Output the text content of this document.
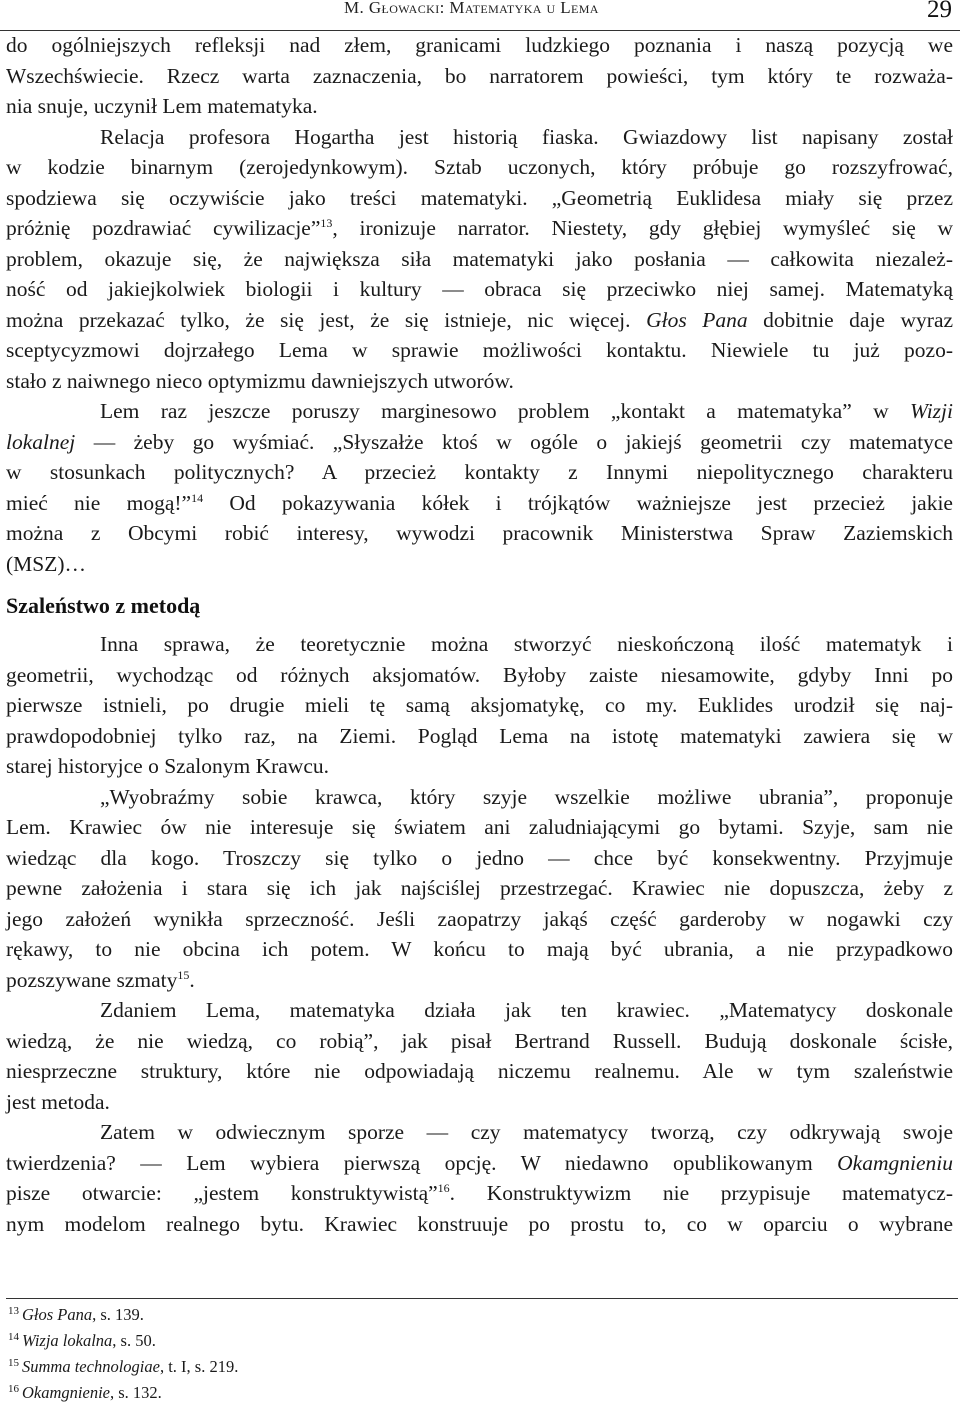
M. Głowacki: Matematyka u Lema	29

do ogólniejszych refleksji nad złem, granicami ludzkiego poznania i naszą pozycją we

Wszechświecie. Rzecz warta zaznaczenia, bo narratorem powieści, tym który te rozważa-

nia snuje, uczynił Lem matematyka.

Relacja profesora Hogartha jest historią fiaska. Gwiazdowy list napisany został

w kodzie binarnym (zerojedynkowym). Sztab uczonych, który próbuje go rozszyfrować,

spodziewa się oczywiście jako treści matematyki. „Geometrią Euklidesa miały się przez

próżnię pozdrawiać cywilizacje”$^{13}$, ironizuje narrator. Niestety, gdy głębiej wymyśleć się w

problem, okazuje się, że największa siła matematyki jako posłania — całkowita niezależ-

ność od jakiejkolwiek biologii i kultury — obraca się przeciwko niej samej. Matematyką

można przekazać tylko, że się jest, że się istnieje, nic więcej. Głos Pana dobitnie daje wyraz

sceptycyzmowi dojrzałego Lema w sprawie możliwości kontaktu. Niewiele tu już pozo-

stało z naiwnego nieco optymizmu dawniejszych utworów.

Lem raz jeszcze poruszy marginesowo problem „kontakt a matematyka” w Wizji

lokalnej — żeby go wyśmiać. „Słyszałże ktoś w ogóle o jakiejś geometrii czy matematyce

w stosunkach politycznych? A przecież kontakty z Innymi niepolitycznego charakteru

mieć nie mogą!”$^{14}$ Od pokazywania kółek i trójkątów ważniejsze jest przecież jakie

można z Obcymi robić interesy, wywodzi pracownik Ministerstwa Spraw Zaziemskich

(MSZ)…

Szaleństwo z metodą

Inna sprawa, że teoretycznie można stworzyć nieskończoną ilość matematyk i

geometrii, wychodząc od różnych aksjomatów. Byłoby zaiste niesamowite, gdyby Inni po

pierwsze istnieli, po drugie mieli tę samą aksjomatykę, co my. Euklides urodził się naj-

prawdopodobniej tylko raz, na Ziemi. Pogląd Lema na istotę matematyki zawiera się w

starej historyjce o Szalonym Krawcu.

„Wyobraźmy sobie krawca, który szyje wszelkie możliwe ubrania”, proponuje

Lem. Krawiec ów nie interesuje się światem ani zaludniającymi go bytami. Szyje, sam nie

wiedząc dla kogo. Troszczy się tylko o jedno — chce być konsekwentny. Przyjmuje

pewne założenia i stara się ich jak najściślej przestrzegać. Krawiec nie dopuszcza, żeby z

jego założeń wynikła sprzeczność. Jeśli zaopatrzy jakąś część garderoby w nogawki czy

rękawy, to nie obcina ich potem. W końcu to mają być ubrania, a nie przypadkowo

pozszywane szmaty$^{15}$.

Zdaniem Lema, matematyka działa jak ten krawiec. „Matematycy doskonale

wiedzą, że nie wiedzą, co robią”, jak pisał Bertrand Russell. Budują doskonale ścisłe,

niesprzeczne struktury, które nie odpowiadają niczemu realnemu. Ale w tym szaleństwie

jest metoda.

Zatem w odwiecznym sporze — czy matematycy tworzą, czy odkrywają swoje

twierdzenia? — Lem wybiera pierwszą opcję. W niedawno opublikowanym Okamgnieniu

pisze otwarcie: „jestem konstruktywistą”$^{16}$. Konstruktywizm nie przypisuje matematycz-

nym modelom realnego bytu. Krawiec konstruuje po prostu to, co w oparciu o wybrane

$^{13}$ Głos Pana, s. 139.
$^{14}$ Wizja lokalna, s. 50.
$^{15}$ Summa technologiae, t. I, s. 219.
$^{16}$ Okamgnienie, s. 132.
